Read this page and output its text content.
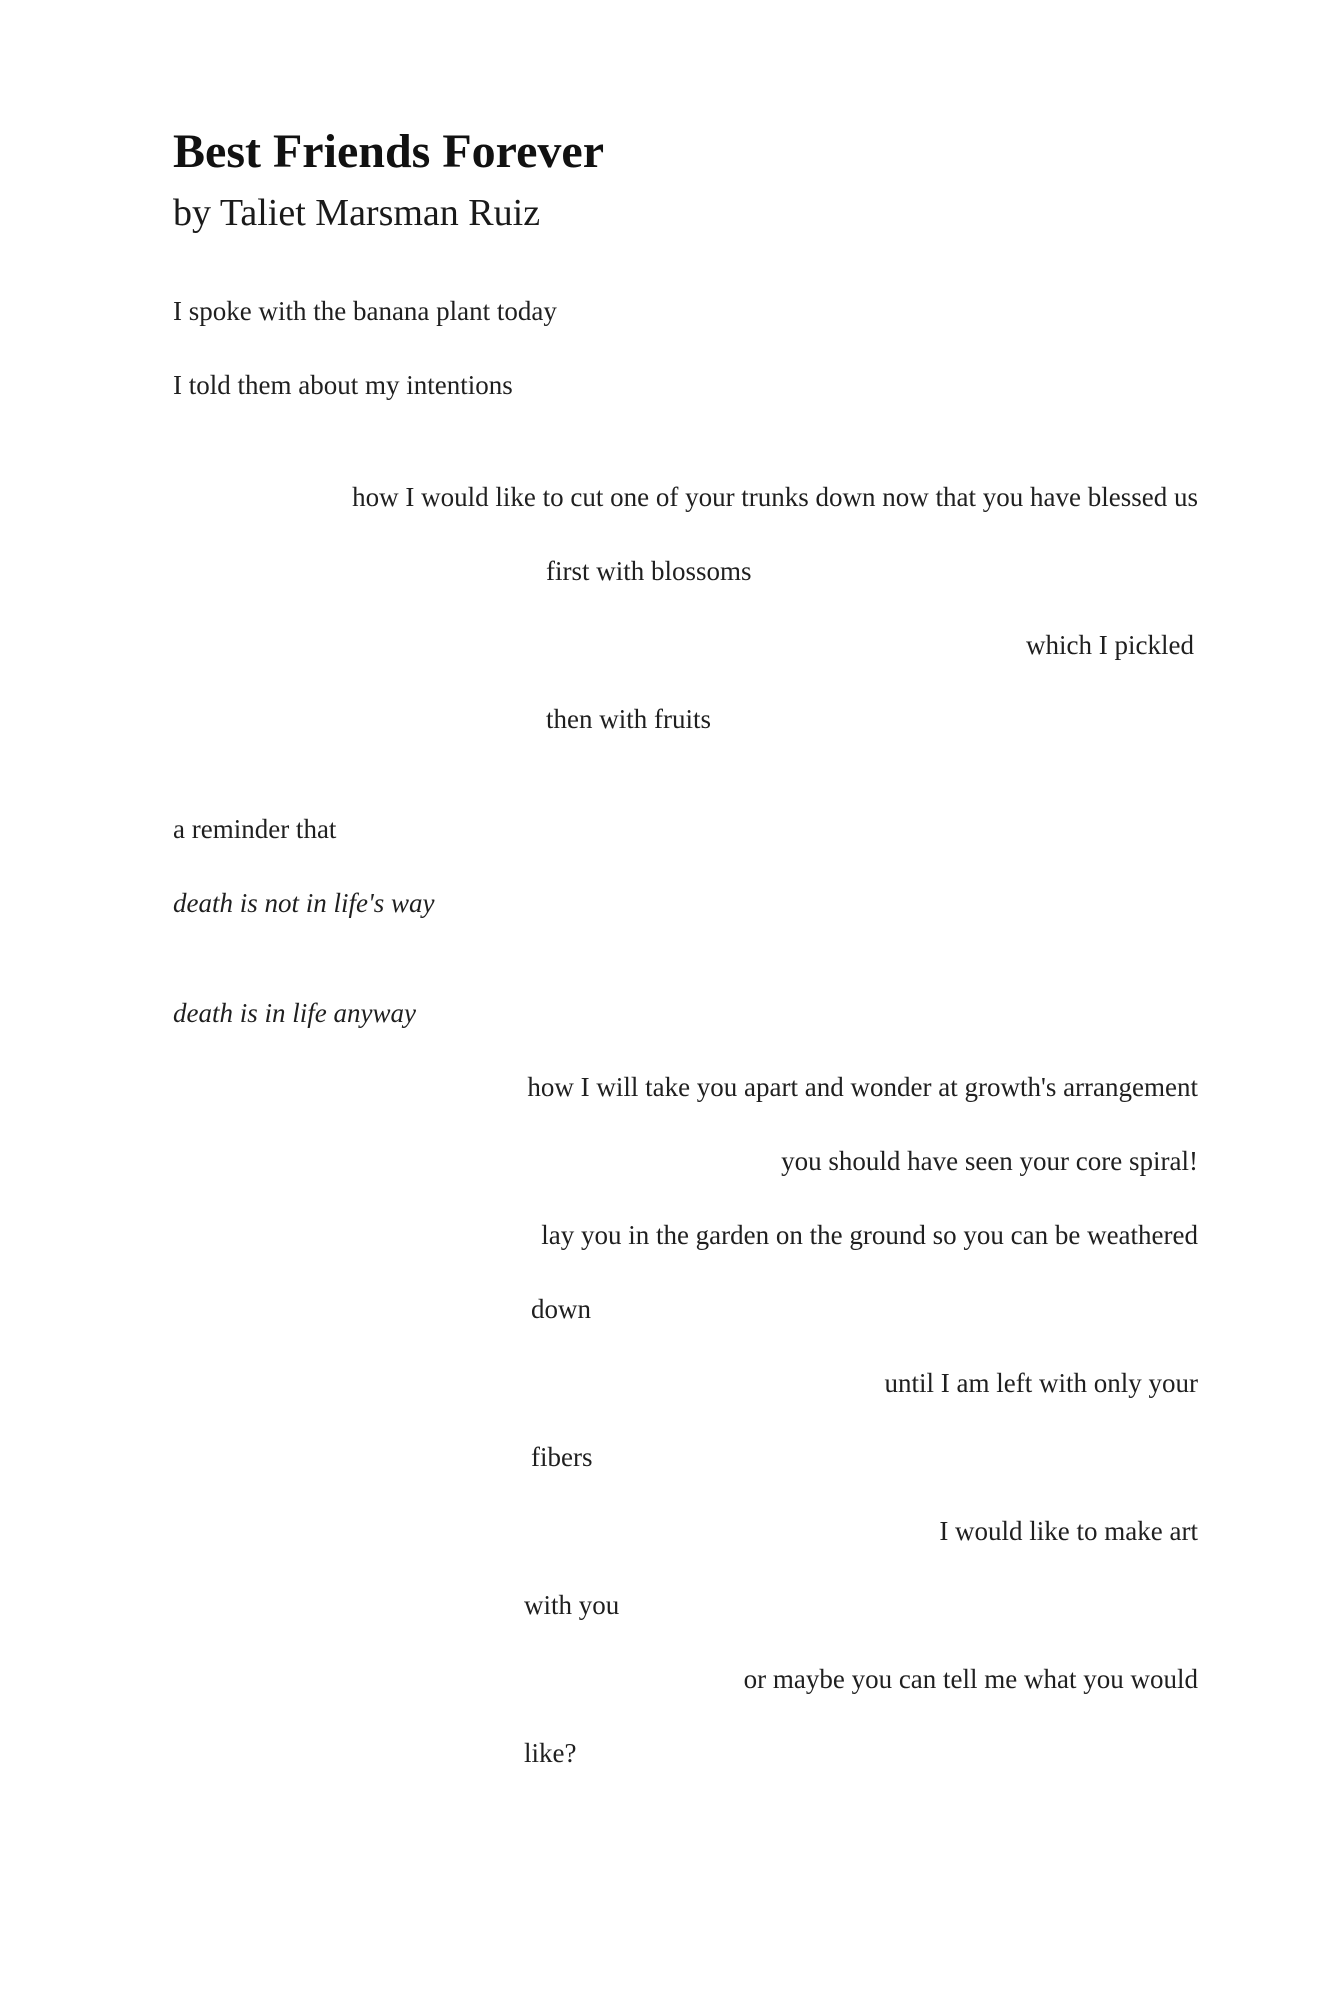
Best Friends Forever

by Taliet Marsman Ruiz

I spoke with the banana plant today

I told them about my intentions

how I would like to cut one of your trunks down now that you have blessed us

first with blossoms

which I pickled

then with fruits

a reminder that

death is not in life's way

death is in life anyway

how I will take you apart and wonder at growth's arrangement

you should have seen your core spiral!

lay you in the garden on the ground so you can be weathered

down

until I am left with only your

fibers

I would like to make art

with you

or maybe you can tell me what you would

like?
